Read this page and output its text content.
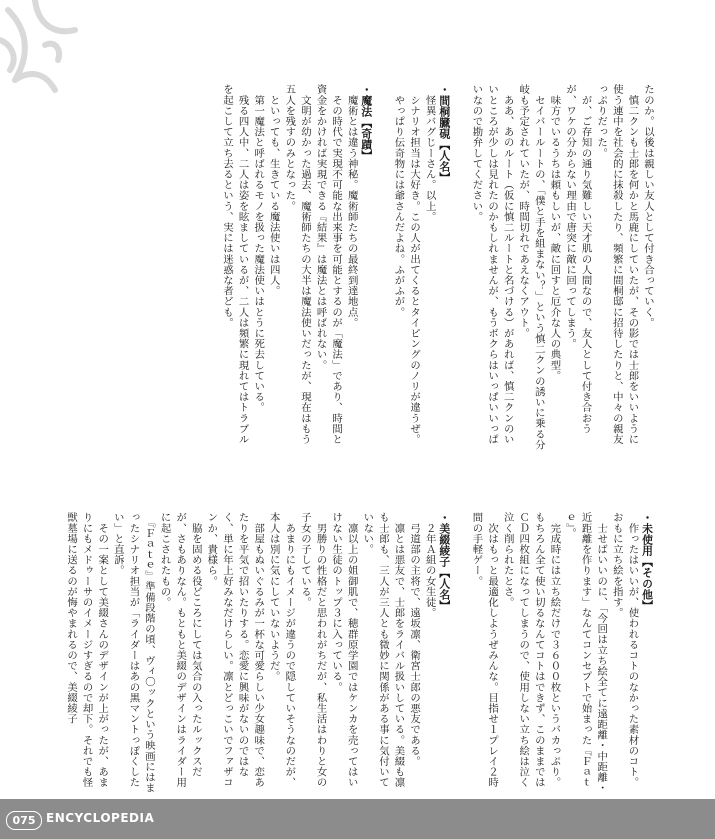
たのか。以後は親しい友人として付き合っていく。

　慎二クンも士郎を何かと馬鹿にしていたが、その影では士郎をいいように使う連中を社会的に抹殺したり、頻繁に間桐邸に招待したりと、中々の親友っぷりだった。

　が、ご存知の通り気難しい天才肌の人間なので、友人として付き合おうが、ワケの分からない理由で唐突に敵に回ってしまう。

　味方でいるうちは頼もしいが、敵に回すと厄介な人の典型。

　セイバールートの、「僕と手を組まない？」という慎二クンの誘いに乗る分岐も予定されていたが、時間切れであえなくアウト。

　ああ、あのルート（仮に慎二ルートと名づける）があれば、慎二クンのいいところが少しは見れたのかもしれませんが、もうボクらはいっぱいいっぱいなので勘弁してください。

・間桐臓硯【人名】

　怪異バグじーさん。以上。

　シナリオ担当は大好き。この人が出てくるとタイピングのノリが違うぜ。

　やっぱり伝奇物には爺さんだよね。ふがふが。

・魔法【奇蹟】

　魔術とは違う神秘。魔術師たちの最終到達地点。

　その時代で実現不可能な出来事を可能とするのが「魔法」であり、時間と資金をかければ実現できる『結果』は魔法とは呼ばれない。

　文明が幼かった過去、魔術師たちの大半は魔法使いだったが、現在はもう五人を残すのみとなった。

　といっても、生きている魔法使いは四人。

　第一魔法と呼ばれるモノを扱った魔法使いはとうに死去している。

　残る四人中、二人は姿を眩ましているが、二人は頻繁に現れてはトラブルを起こして立ち去るという、実には迷惑な者ども。

・未使用【その他】

　作ったはいいが、使われるコトのなかった素材のコト。おもに立ち絵を指す。

　士せばいいのに、「今回は立ち絵全てに遠距離・中距離・近距離を作ります」なんてコンセプトで始まった『Ｆａｔｅ』。

　完成時には立ち絵だけで３６００枚というバカっぷり。もちろん全て使い切るなんてコトはできず、このままではＣＤ四枚組になってしまうので、使用しない立ち絵は泣く泣く削られたとさ。

　次はもっと最適化しようぜみんな。目指せ１プレイ２時間の手軽ゲー。

・美綴綾子【人名】

　２年Ａ組の女生徒。

　弓道部の主将で、遠坂凛、衛宮士郎の悪友である。

　凛とは悪友で、士郎をライバル扱いしている。美綴も凛も士郎も、三人が三人とも微妙に関係がある事に気付いていない。

　凛以上の姐御肌で、穂群原学園ではケンカを売ってはいけない生徒のトップ３に入っている。

　男勝りの性格だと思われがちだが、私生活はわりと女の子女の子している。

　あまりにもイメージが違うので隠していそうなのだが、本人は別に気にしていないようだ。

　部屋もぬいぐるみが一杯な可愛らしい少女趣味で、恋あたりを平気で招いたりする。恋愛に興味がないのではなく、単に年上好みなだけらしい。凛とどっこいでファザコンか、貴様ら。

　脇を固める役どころにしては気合の入ったルックスだが、さもありなん。もともと美綴のデザインはライダー用に起こされたもの。

　『Ｆａｔｅ』準備段階の頃、ヴィ〇ックという映画にはまったシナリオ担当が「ライダーはあの黒マントっぽくしたい」と直訴。

　その一案として美綴さんのデザインが上がったが、あまりにもメドゥーサのイメージすぎるので却下。それでも怪獣墓場に送るのが悔やまれるので、美綴綾子

075 ENCYCLOPEDIA
